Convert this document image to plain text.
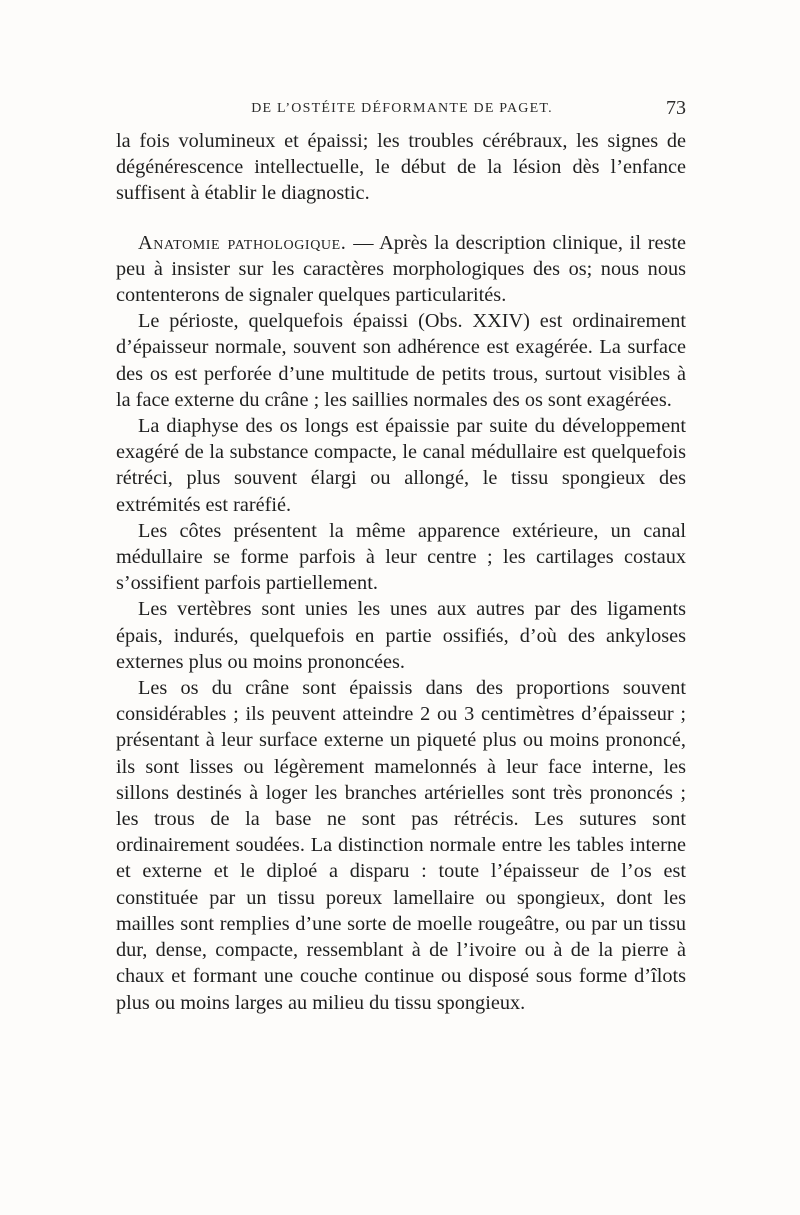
DE L’OSTÉITE DÉFORMANTE DE PAGET.	73

la fois volumineux et épaissi; les troubles cérébraux, les signes de dégénérescence intellectuelle, le début de la lésion dès l’enfance suffisent à établir le diagnostic.

Anatomie pathologique. — Après la description clinique, il reste peu à insister sur les caractères morphologiques des os; nous nous contenterons de signaler quelques particularités.

Le périoste, quelquefois épaissi (Obs. XXIV) est ordinairement d’épaisseur normale, souvent son adhérence est exagérée. La surface des os est perforée d’une multitude de petits trous, surtout visibles à la face externe du crâne ; les saillies normales des os sont exagérées.

La diaphyse des os longs est épaissie par suite du développement exagéré de la substance compacte, le canal médullaire est quelquefois rétréci, plus souvent élargi ou allongé, le tissu spongieux des extrémités est raréfié.

Les côtes présentent la même apparence extérieure, un canal médullaire se forme parfois à leur centre ; les cartilages costaux s’ossifient parfois partiellement.

Les vertèbres sont unies les unes aux autres par des ligaments épais, indurés, quelquefois en partie ossifiés, d’où des ankyloses externes plus ou moins prononcées.

Les os du crâne sont épaissis dans des proportions souvent considérables ; ils peuvent atteindre 2 ou 3 centimètres d’épaisseur ; présentant à leur surface externe un piqueté plus ou moins prononcé, ils sont lisses ou légèrement mamelonnés à leur face interne, les sillons destinés à loger les branches artérielles sont très prononcés ; les trous de la base ne sont pas rétrécis. Les sutures sont ordinairement soudées. La distinction normale entre les tables interne et externe et le diploé a disparu : toute l’épaisseur de l’os est constituée par un tissu poreux lamellaire ou spongieux, dont les mailles sont remplies d’une sorte de moelle rougeâtre, ou par un tissu dur, dense, compacte, ressemblant à de l’ivoire ou à de la pierre à chaux et formant une couche continue ou disposé sous forme d’îlots plus ou moins larges au milieu du tissu spongieux.
